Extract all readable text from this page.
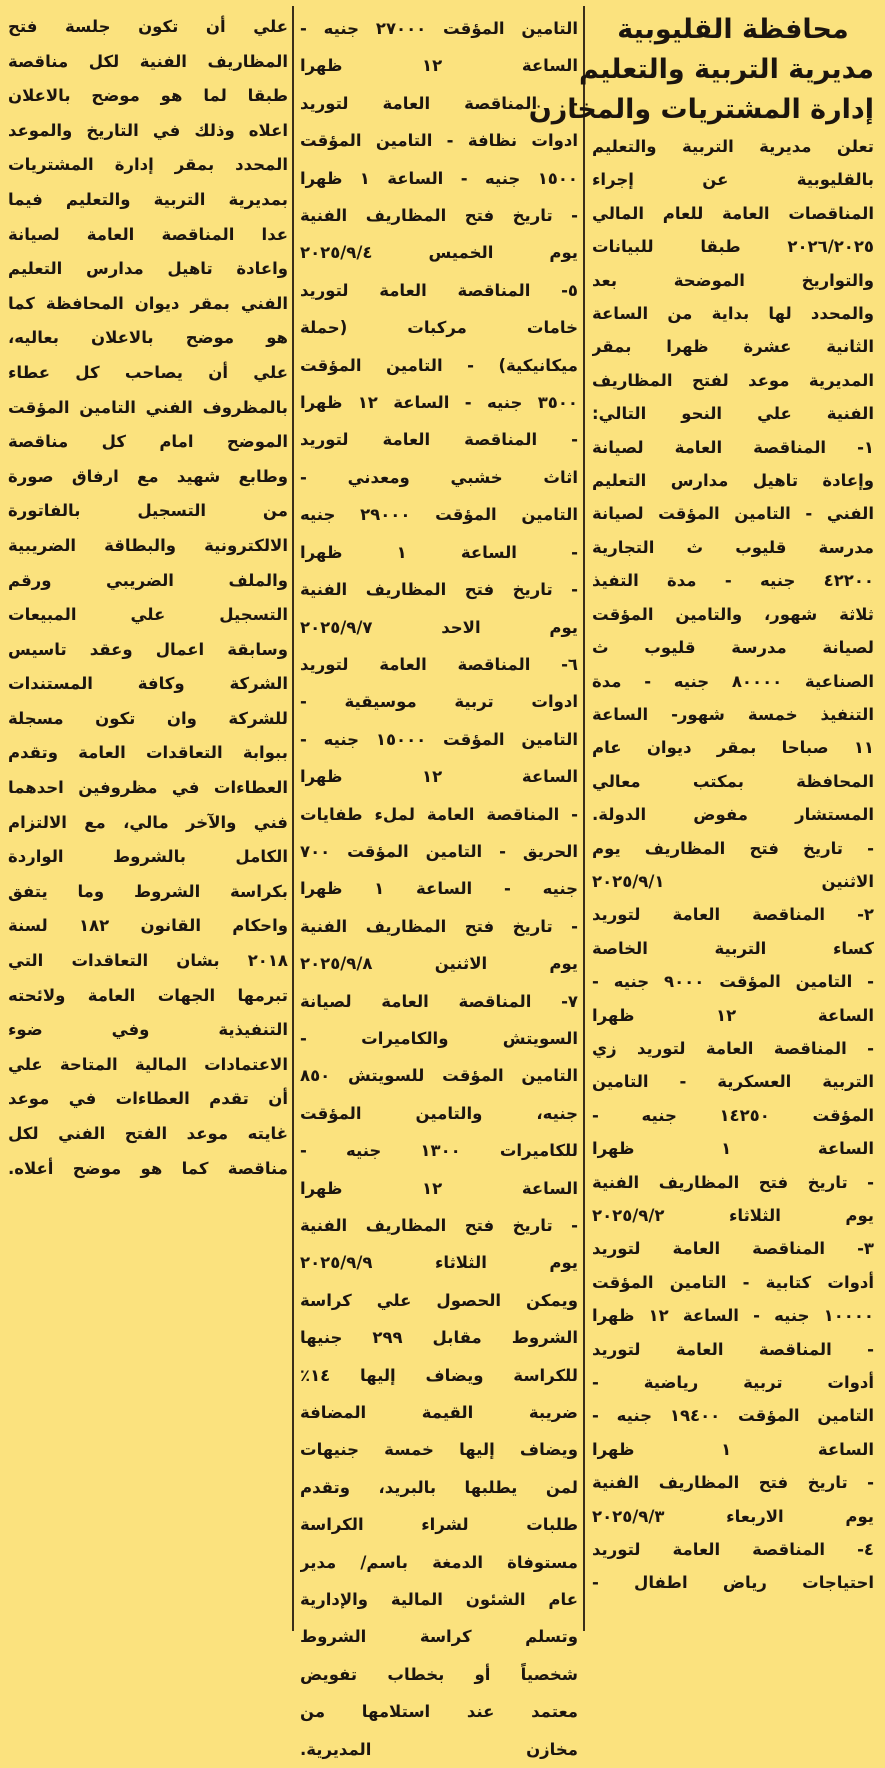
محافظة القليوبية
مديرية التربية والتعليم
إدارة المشتريات والمخازن
تعلن مديرية التربية والتعليم
بالقليوبية عن إجراء
المناقصات العامة للعام المالي
٢٠٢٦/٢٠٢٥ طبقا للبيانات
والتواريخ الموضحة بعد
والمحدد لها بداية من الساعة
الثانية عشرة ظهرا بمقر
المديرية موعد لفتح المظاريف
الفنية علي النحو التالي:
١- المناقصة العامة لصيانة
وإعادة تاهيل مدارس التعليم
الفني - التامين المؤقت لصيانة
مدرسة قليوب ث التجارية
٤٢٢٠٠ جنيه - مدة التفيذ
ثلاثة شهور، والتامين المؤقت
لصيانة مدرسة قليوب ث
الصناعية ٨٠٠٠٠ جنيه - مدة
التنفيذ خمسة شهور- الساعة
١١ صباحا بمقر ديوان عام
المحافظة بمكتب معالي
المستشار مفوض الدولة.
- تاريخ فتح المظاريف يوم
الاثنين ٢٠٢٥/٩/١
٢- المناقصة العامة لتوريد
كساء التربية الخاصة
- التامين المؤقت ٩٠٠٠ جنيه -
الساعة ١٢ ظهرا
- المناقصة العامة لتوريد زي
التربية العسكرية - التامين
المؤقت ١٤٢٥٠ جنيه -
الساعة ١ ظهرا
- تاريخ فتح المظاريف الفنية
يوم الثلاثاء ٢٠٢٥/٩/٢
٣- المناقصة العامة لتوريد
أدوات كتابية - التامين المؤقت
١٠٠٠٠ جنيه - الساعة ١٢ ظهرا
- المناقصة العامة لتوريد
أدوات تربية رياضية -
التامين المؤقت ١٩٤٠٠ جنيه -
الساعة ١ ظهرا
- تاريخ فتح المظاريف الفنية
يوم الاربعاء ٢٠٢٥/٩/٣
٤- المناقصة العامة لتوريد
احتياجات رياض اطفال -
التامين المؤقت ٢٧٠٠٠ جنيه -
الساعة ١٢ ظهرا
- المناقصة العامة لتوريد
ادوات نظافة - التامين المؤقت
١٥٠٠ جنيه - الساعة ١ ظهرا
- تاريخ فتح المظاريف الفنية
يوم الخميس ٢٠٢٥/٩/٤
٥- المناقصة العامة لتوريد
خامات مركبات (حملة
ميكانيكية) - التامين المؤقت
٣٥٠٠ جنيه - الساعة ١٢ ظهرا
- المناقصة العامة لتوريد
اثاث خشبي ومعدني -
التامين المؤقت ٢٩٠٠٠ جنيه
- الساعة ١ ظهرا
- تاريخ فتح المظاريف الفنية
يوم الاحد ٢٠٢٥/٩/٧
٦- المناقصة العامة لتوريد
ادوات تربية موسيقية -
التامين المؤقت ١٥٠٠٠ جنيه -
الساعة ١٢ ظهرا
- المناقصة العامة لملء طفايات
الحريق - التامين المؤقت ٧٠٠
جنيه - الساعة ١ ظهرا
- تاريخ فتح المظاريف الفنية
يوم الاثنين ٢٠٢٥/٩/٨
٧- المناقصة العامة لصيانة
السويتش والكاميرات -
التامين المؤقت للسويتش ٨٥٠
جنيه، والتامين المؤقت
للكاميرات ١٣٠٠ جنيه -
الساعة ١٢ ظهرا
- تاريخ فتح المظاريف الفنية
يوم الثلاثاء ٢٠٢٥/٩/٩
ويمكن الحصول علي كراسة
الشروط مقابل ٢٩٩ جنيها
للكراسة ويضاف إليها ١٤٪
ضريبة القيمة المضافة
ويضاف إليها خمسة جنيهات
لمن يطلبها بالبريد، وتقدم
طلبات لشراء الكراسة
مستوفاة الدمغة باسم/ مدير
عام الشئون المالية والإدارية
وتسلم كراسة الشروط
شخصياً أو بخطاب تفويض
معتمد عند استلامها من
مخازن المديرية.
علي أن تكون جلسة فتح
المظاريف الفنية لكل مناقصة
طبقا لما هو موضح بالاعلان
اعلاه وذلك في التاريخ والموعد
المحدد بمقر إدارة المشتريات
بمديرية التربية والتعليم فيما
عدا المناقصة العامة لصيانة
واعادة تاهيل مدارس التعليم
الفني بمقر ديوان المحافظة كما
هو موضح بالاعلان بعاليه،
علي أن يصاحب كل عطاء
بالمظروف الفني التامين المؤقت
الموضح امام كل مناقصة
وطابع شهيد مع ارفاق صورة
من التسجيل بالفاتورة
الالكترونية والبطاقة الضريبية
والملف الضريبي ورقم
التسجيل علي المبيعات
وسابقة اعمال وعقد تاسيس
الشركة وكافة المستندات
للشركة وان تكون مسجلة
ببوابة التعاقدات العامة وتقدم
العطاءات في مظروفين احدهما
فني والآخر مالي، مع الالتزام
الكامل بالشروط الواردة
بكراسة الشروط وما يتفق
واحكام القانون ١٨٢ لسنة
٢٠١٨ بشان التعاقدات التي
تبرمها الجهات العامة ولائحته
التنفيذية وفي ضوء
الاعتمادات المالية المتاحة علي
أن تقدم العطاءات في موعد
غايته موعد الفتح الفني لكل
مناقصة كما هو موضح أعلاه.
